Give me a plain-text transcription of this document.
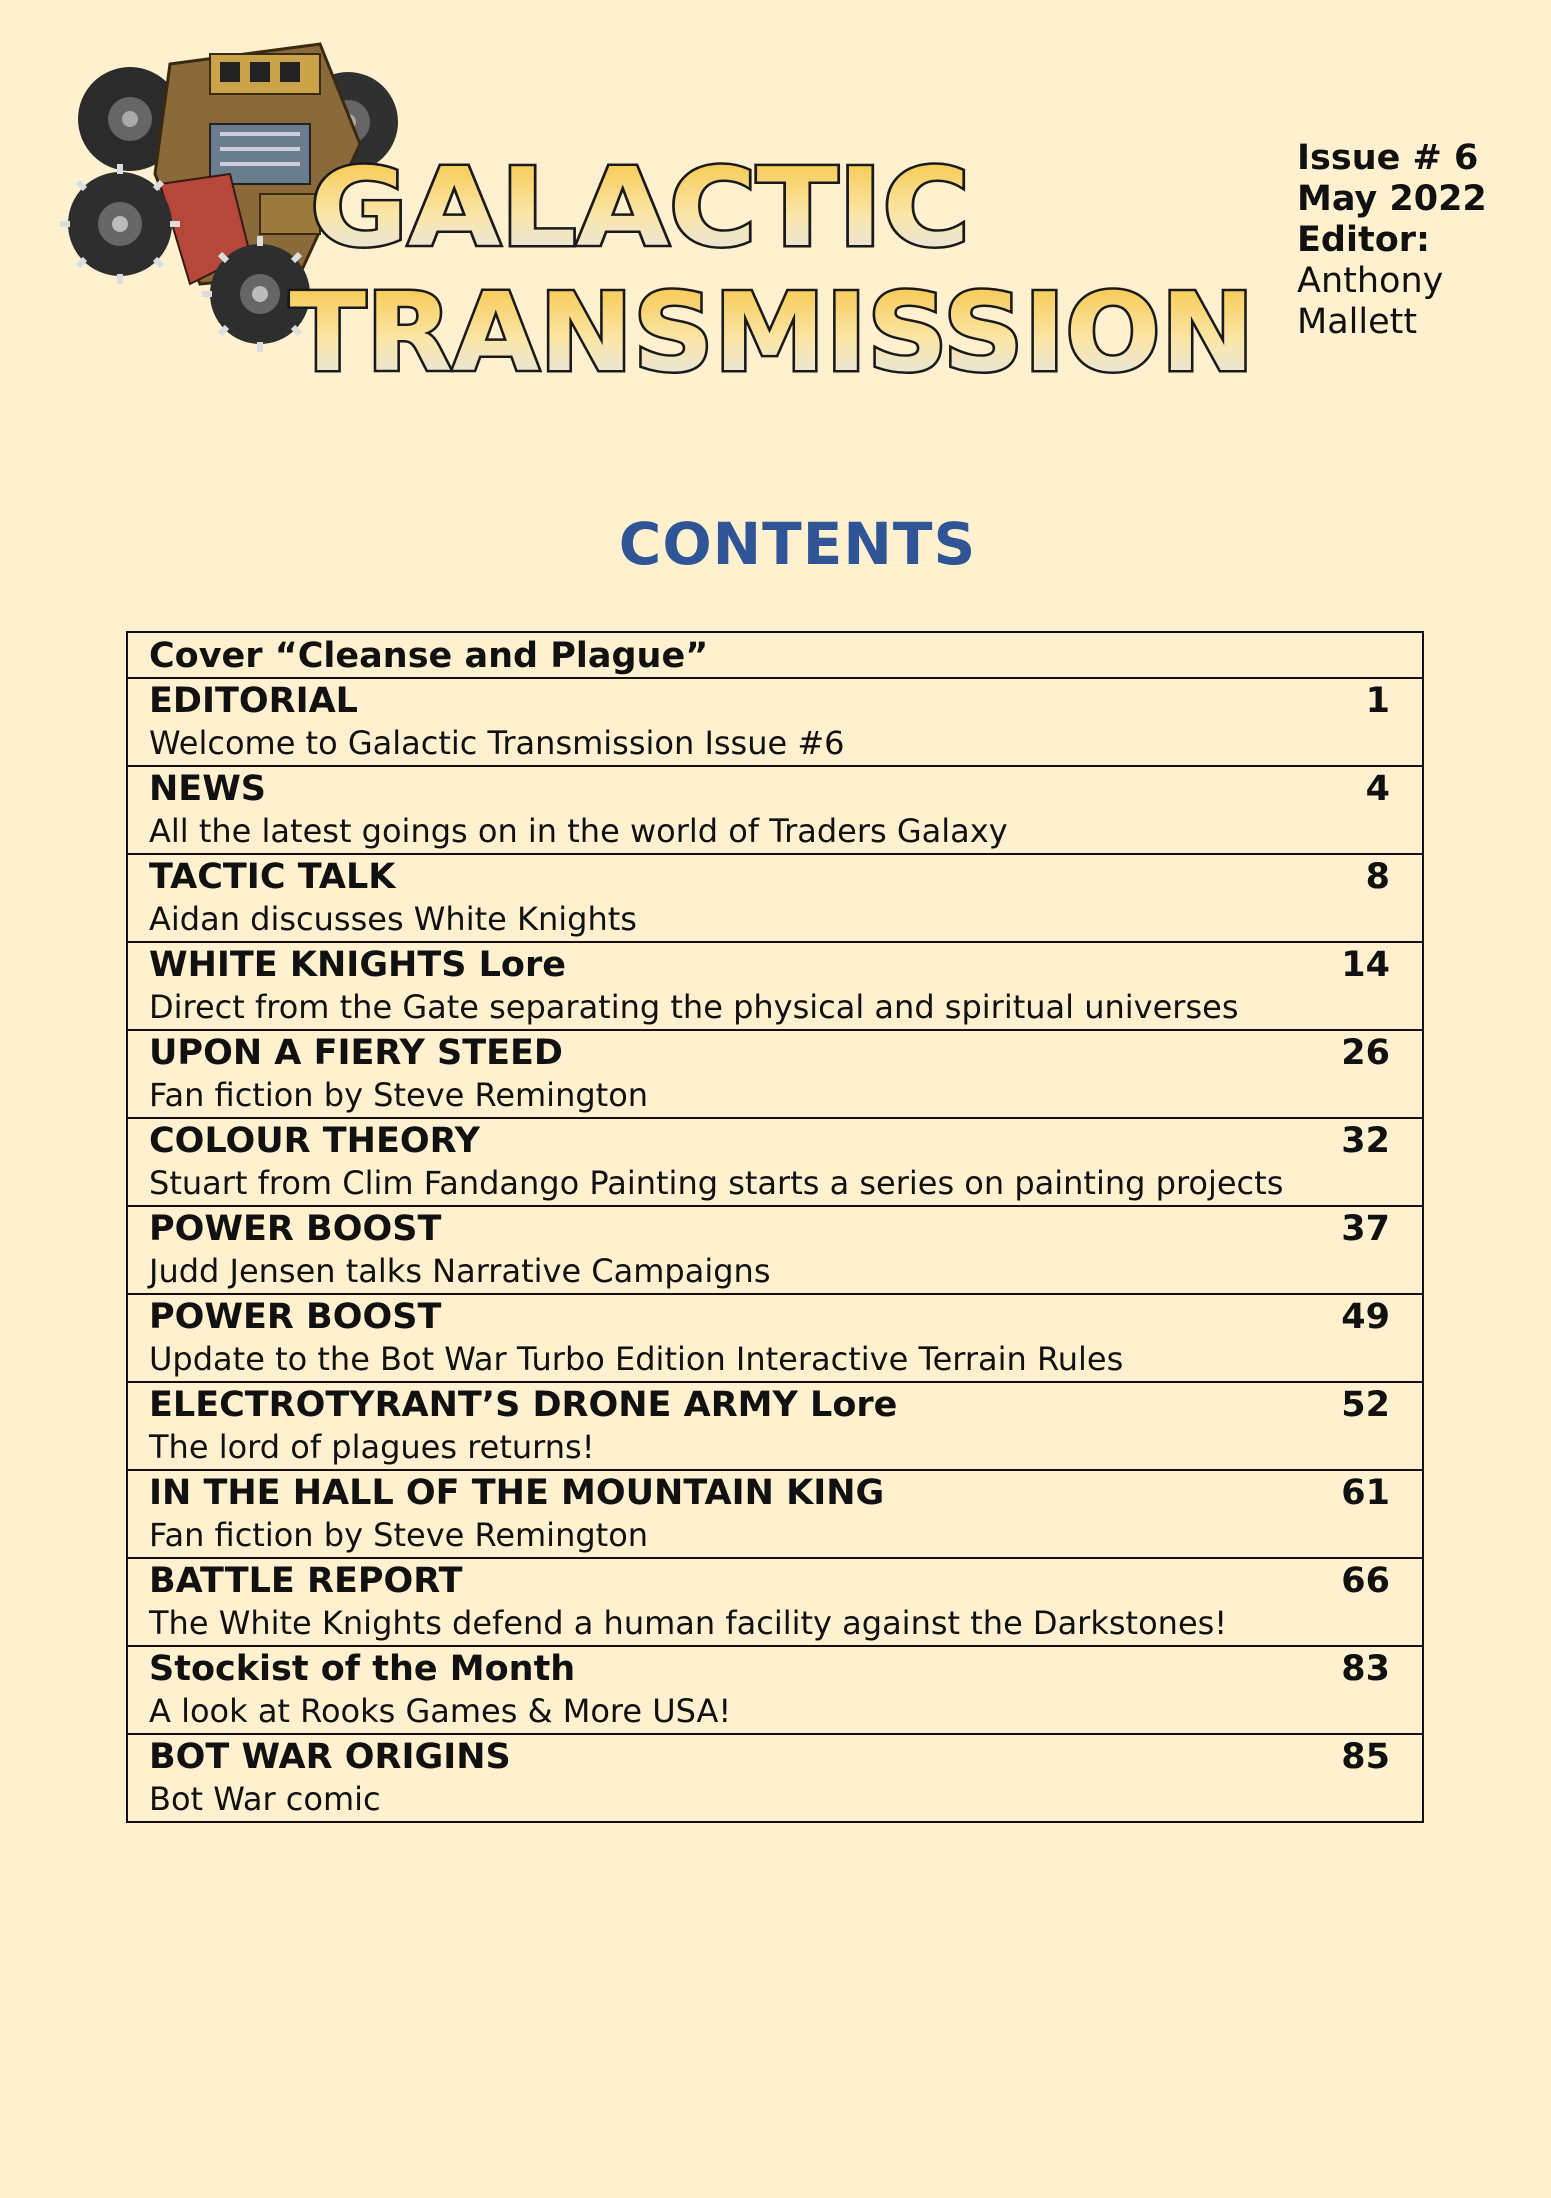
GALACTIC
TRANSMISSION
Issue # 6
May 2022
Editor:
Anthony
Mallett
CONTENTS
Cover “Cleanse and Plague”
EDITORIAL
Welcome to Galactic Transmission Issue #6
1
NEWS
All the latest goings on in the world of Traders Galaxy
4
TACTIC TALK
Aidan discusses White Knights
8
WHITE KNIGHTS Lore
Direct from the Gate separating the physical and spiritual universes
14
UPON A FIERY STEED
Fan fiction by Steve Remington
26
COLOUR THEORY
Stuart from Clim Fandango Painting starts a series on painting projects
32
POWER BOOST
Judd Jensen talks Narrative Campaigns
37
POWER BOOST
Update to the Bot War Turbo Edition Interactive Terrain Rules
49
ELECTROTYRANT’S DRONE ARMY Lore
The lord of plagues returns!
52
IN THE HALL OF THE MOUNTAIN KING
Fan fiction by Steve Remington
61
BATTLE REPORT
The White Knights defend a human facility against the Darkstones!
66
Stockist of the Month
A look at Rooks Games & More USA!
83
BOT WAR ORIGINS
Bot War comic
85
